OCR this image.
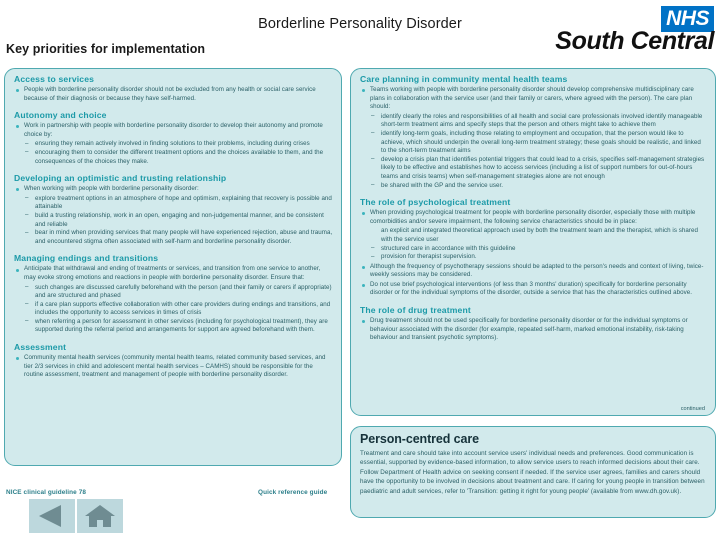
Borderline Personality Disorder
Key priorities for implementation
NHS
South Central
Access to services
People with borderline personality disorder should not be excluded from any health or social care service because of their diagnosis or because they have self-harmed.
Autonomy and choice
Work in partnership with people with borderline personality disorder to develop their autonomy and promote choice by:
– ensuring they remain actively involved in finding solutions to their problems, including during crises
– encouraging them to consider the different treatment options and the choices available to them, and the consequences of the choices they make.
Developing an optimistic and trusting relationship
When working with people with borderline personality disorder:
– explore treatment options in an atmosphere of hope and optimism, explaining that recovery is possible and attainable
– build a trusting relationship, work in an open, engaging and non-judgemental manner, and be consistent and reliable
– bear in mind when providing services that many people will have experienced rejection, abuse and trauma, and encountered stigma often associated with self-harm and borderline personality disorder.
Managing endings and transitions
Anticipate that withdrawal and ending of treatments or services, and transition from one service to another, may evoke strong emotions and reactions in people with borderline personality disorder. Ensure that:
– such changes are discussed carefully beforehand with the person (and their family or carers if appropriate) and are structured and phased
– if a care plan supports effective collaboration with other care providers during endings and transitions, and includes the opportunity to access services in times of crisis
– when referring a person for assessment in other services (including for psychological treatment), they are supported during the referral period and arrangements for support are agreed beforehand with them.
Assessment
Community mental health services (community mental health teams, related community based services, and tier 2/3 services in child and adolescent mental health services – CAMHS) should be responsible for the routine assessment, treatment and management of people with borderline personality disorder.
Care planning in community mental health teams
Teams working with people with borderline personality disorder should develop comprehensive multidisciplinary care plans in collaboration with the service user (and their family or carers, where agreed with the person). The care plan should:
– identify clearly the roles and responsibilities of all health and social care professionals involved identify manageable short-term treatment aims and specify steps that the person and others might take to achieve them
– identify long-term goals, including those relating to employment and occupation, that the person would like to achieve, which should underpin the overall long-term treatment strategy; these goals should be realistic, and linked to the short-term treatment aims
– develop a crisis plan that identifies potential triggers that could lead to a crisis, specifies self-management strategies likely to be effective and establishes how to access services (including a list of support numbers for out-of-hours teams and crisis teams) when self-management strategies alone are not enough
– be shared with the GP and the service user.
The role of psychological treatment
When providing psychological treatment for people with borderline personality disorder, especially those with multiple comorbidities and/or severe impairment, the following service characteristics should be in place:
an explicit and integrated theoretical approach used by both the treatment team and the therapist, which is shared with the service user
– structured care in accordance with this guideline
– provision for therapist supervision.
Although the frequency of psychotherapy sessions should be adapted to the person's needs and context of living, twice-weekly sessions may be considered.
Do not use brief psychological interventions (of less than 3 months' duration) specifically for borderline personality disorder or for the individual symptoms of the disorder, outside a service that has the characteristics outlined above.
The role of drug treatment
Drug treatment should not be used specifically for borderline personality disorder or for the individual symptoms or behaviour associated with the disorder (for example, repeated self-harm, marked emotional instability, risk-taking behaviour and transient psychotic symptoms).
continued
Person-centred care
Treatment and care should take into account service users' individual needs and preferences. Good communication is essential, supported by evidence-based information, to allow service users to reach informed decisions about their care. Follow Department of Health advice on seeking consent if needed. If the service user agrees, families and carers should have the opportunity to be involved in decisions about treatment and care. If caring for young people in transition between paediatric and adult services, refer to 'Transition: getting it right for young people' (available from www.dh.gov.uk).
NICE clinical guideline 78	Quick reference guide
